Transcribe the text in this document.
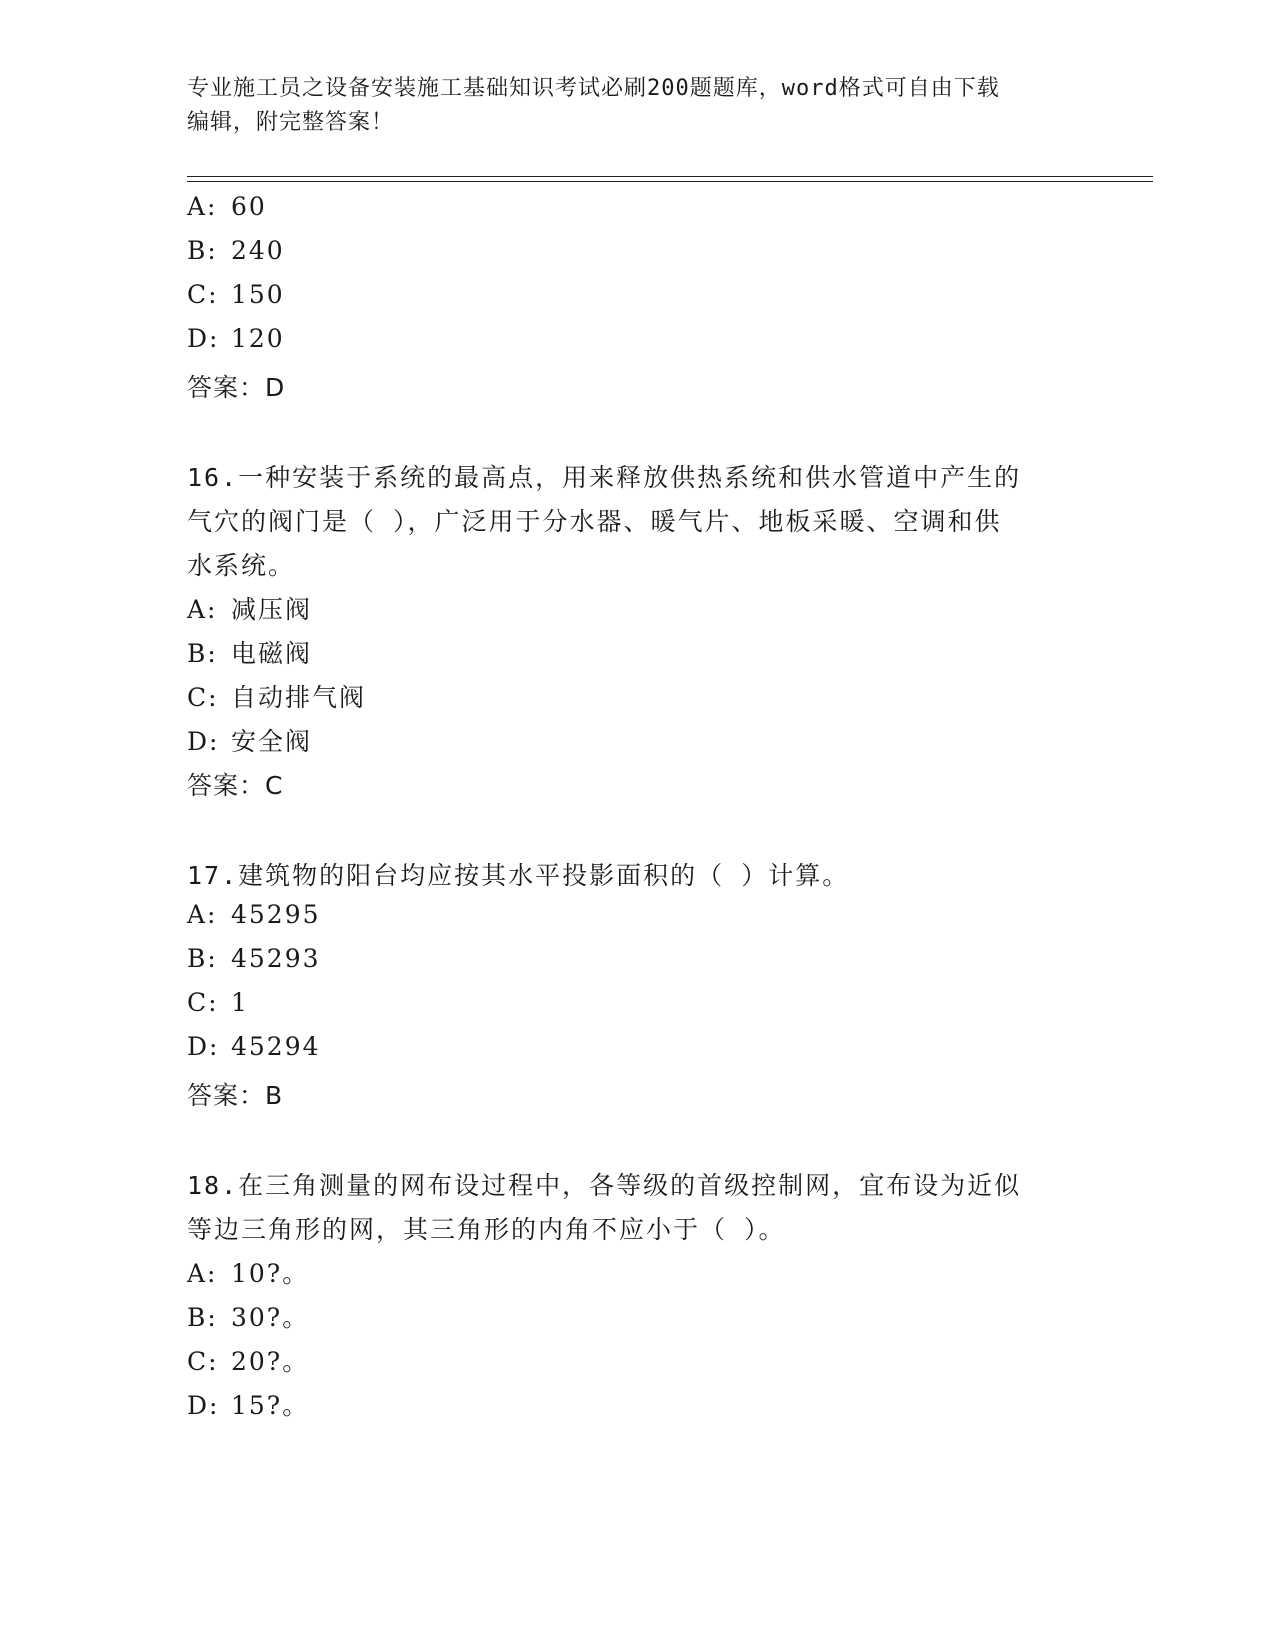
专业施工员之设备安装施工基础知识考试必刷200题题库，word格式可自由下载
编辑，附完整答案！
A: 60
B: 240
C: 150
D: 120
答案：D
16.一种安装于系统的最高点，用来释放供热系统和供水管道中产生的
气穴的阀门是（ ），广泛用于分水器、暖气片、地板采暖、空调和供
水系统。
A: 减压阀
B: 电磁阀
C: 自动排气阀
D: 安全阀
答案：C
17.建筑物的阳台均应按其水平投影面积的（ ）计算。
A: 45295
B: 45293
C: 1
D: 45294
答案：B
18.在三角测量的网布设过程中，各等级的首级控制网，宜布设为近似
等边三角形的网，其三角形的内角不应小于（ ）。
A: 10?。
B: 30?。
C: 20?。
D: 15?。
